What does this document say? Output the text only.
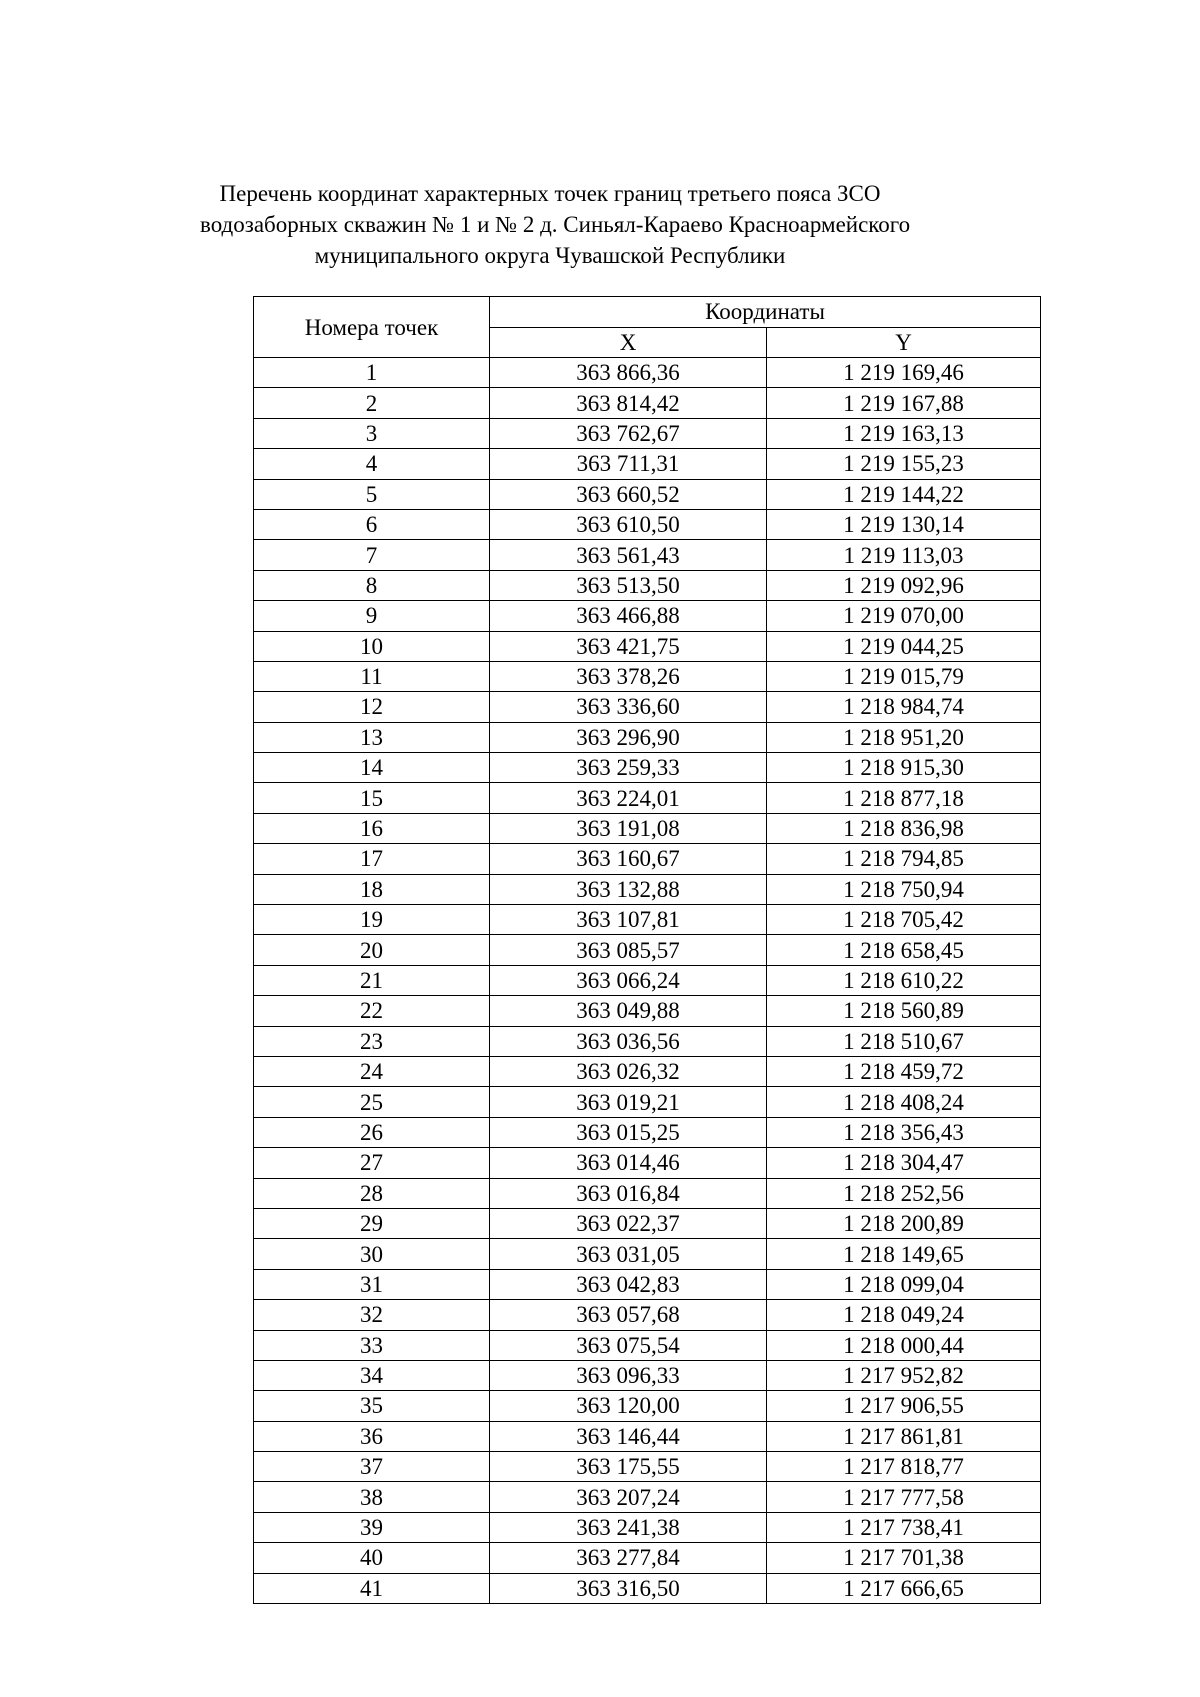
Перечень координат характерных точек границ третьего пояса ЗСО
водозаборных скважин № 1 и № 2 д. Синьял-Караево Красноармейского
муниципального округа Чувашской Республики
Номера точек	Координаты	
	X	Y
1	363 866,36	1 219 169,46
2	363 814,42	1 219 167,88
3	363 762,67	1 219 163,13
4	363 711,31	1 219 155,23
5	363 660,52	1 219 144,22
6	363 610,50	1 219 130,14
7	363 561,43	1 219 113,03
8	363 513,50	1 219 092,96
9	363 466,88	1 219 070,00
10	363 421,75	1 219 044,25
11	363 378,26	1 219 015,79
12	363 336,60	1 218 984,74
13	363 296,90	1 218 951,20
14	363 259,33	1 218 915,30
15	363 224,01	1 218 877,18
16	363 191,08	1 218 836,98
17	363 160,67	1 218 794,85
18	363 132,88	1 218 750,94
19	363 107,81	1 218 705,42
20	363 085,57	1 218 658,45
21	363 066,24	1 218 610,22
22	363 049,88	1 218 560,89
23	363 036,56	1 218 510,67
24	363 026,32	1 218 459,72
25	363 019,21	1 218 408,24
26	363 015,25	1 218 356,43
27	363 014,46	1 218 304,47
28	363 016,84	1 218 252,56
29	363 022,37	1 218 200,89
30	363 031,05	1 218 149,65
31	363 042,83	1 218 099,04
32	363 057,68	1 218 049,24
33	363 075,54	1 218 000,44
34	363 096,33	1 217 952,82
35	363 120,00	1 217 906,55
36	363 146,44	1 217 861,81
37	363 175,55	1 217 818,77
38	363 207,24	1 217 777,58
39	363 241,38	1 217 738,41
40	363 277,84	1 217 701,38
41	363 316,50	1 217 666,65
